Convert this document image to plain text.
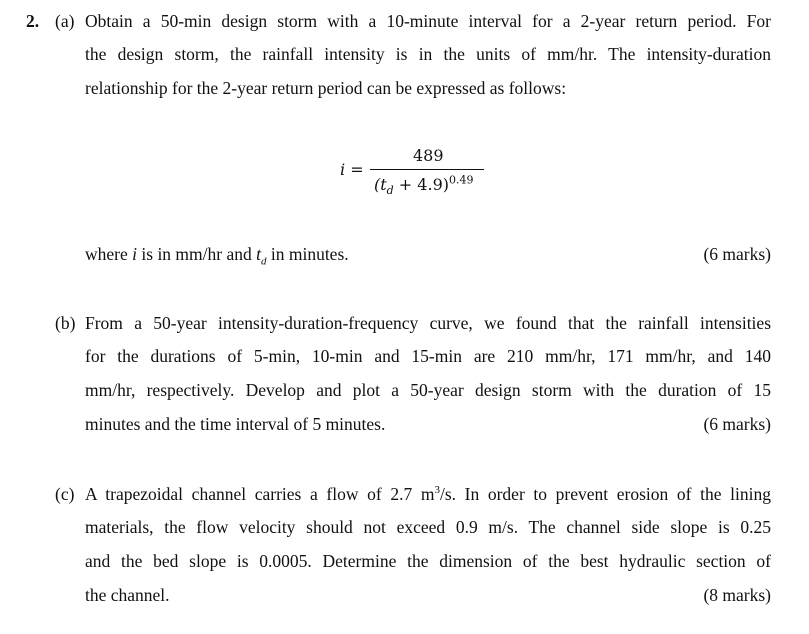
2. (a) Obtain a 50-min design storm with a 10-minute interval for a 2-year return period. For
the design storm, the rainfall intensity is in the units of mm/hr. The intensity-duration
relationship for the 2-year return period can be expressed as follows:
i =
489
$(t_d + 4.9)^{0.49}$
where i is in mm/hr and $t_d$ in minutes.	(6 marks)
(b) From a 50-year intensity-duration-frequency curve, we found that the rainfall intensities
for the durations of 5-min, 10-min and 15-min are 210 mm/hr, 171 mm/hr, and 140
mm/hr, respectively. Develop and plot a 50-year design storm with the duration of 15
minutes and the time interval of 5 minutes.	(6 marks)
(c) A trapezoidal channel carries a flow of 2.7 $m^3/s$. In order to prevent erosion of the lining
materials, the flow velocity should not exceed 0.9 m/s. The channel side slope is 0.25
and the bed slope is 0.0005. Determine the dimension of the best hydraulic section of
the channel.	(8 marks)
